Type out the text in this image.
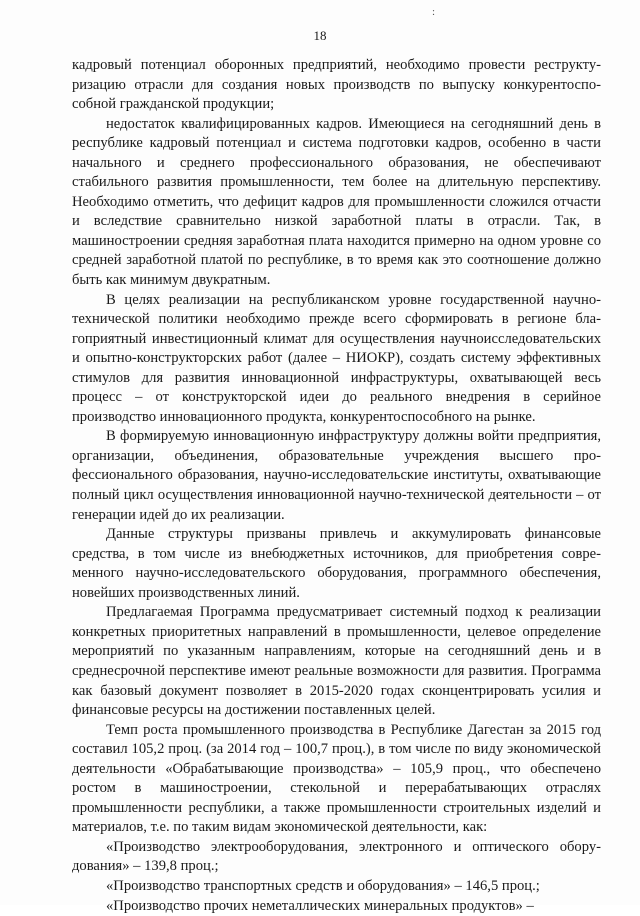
:
18

кадровый потенциал оборонных предприятий, необходимо провести реструктуризацию отрасли для создания новых производств по выпуску конкурентоспособной гражданской продукции;

недостаток квалифицированных кадров. Имеющиеся на сегодняшний день в республике кадровый потенциал и система подготовки кадров, особенно в части начального и среднего профессионального образования, не обеспечивают стабильного развития промышленности, тем более на длительную перспективу. Необходимо отметить, что дефицит кадров для промышленности сложился отчасти и вследствие сравнительно низкой заработной платы в отрасли. Так, в машиностроении средняя заработная плата находится примерно на одном уровне со средней заработной платой по республике, в то время как это соотношение должно быть как минимум двукратным.

В целях реализации на республиканском уровне государственной научнотехнической политики необходимо прежде всего сформировать в регионе благоприятный инвестиционный климат для осуществления научноисследовательских и опытно-конструкторских работ (далее – НИОКР), создать систему эффективных стимулов для развития инновационной инфраструктуры, охватывающей весь процесс – от конструкторской идеи до реального внедрения в серийное производство инновационного продукта, конкурентоспособного на рынке.

В формируемую инновационную инфраструктуру должны войти предприятия, организации, объединения, образовательные учреждения высшего профессионального образования, научно-исследовательские институты, охватывающие полный цикл осуществления инновационной научно-технической деятельности – от генерации идей до их реализации.

Данные структуры призваны привлечь и аккумулировать финансовые средства, в том числе из внебюджетных источников, для приобретения современного научно-исследовательского оборудования, программного обеспечения, новейших производственных линий.

Предлагаемая Программа предусматривает системный подход к реализации конкретных приоритетных направлений в промышленности, целевое определение мероприятий по указанным направлениям, которые на сегодняшний день и в среднесрочной перспективе имеют реальные возможности для развития. Программа как базовый документ позволяет в 2015-2020 годах сконцентрировать усилия и финансовые ресурсы на достижении поставленных целей.

Темп роста промышленного производства в Республике Дагестан за 2015 год составил 105,2 проц. (за 2014 год – 100,7 проц.), в том числе по виду экономической деятельности «Обрабатывающие производства» – 105,9 проц., что обеспечено ростом в машиностроении, стекольной и перерабатывающих отраслях промышленности республики, а также промышленности строительных изделий и материалов, т.е. по таким видам экономической деятельности, как:

«Производство электрооборудования, электронного и оптического оборудования» – 139,8 проц.;

«Производство транспортных средств и оборудования» – 146,5 проц.;

«Производство прочих неметаллических минеральных продуктов» –
